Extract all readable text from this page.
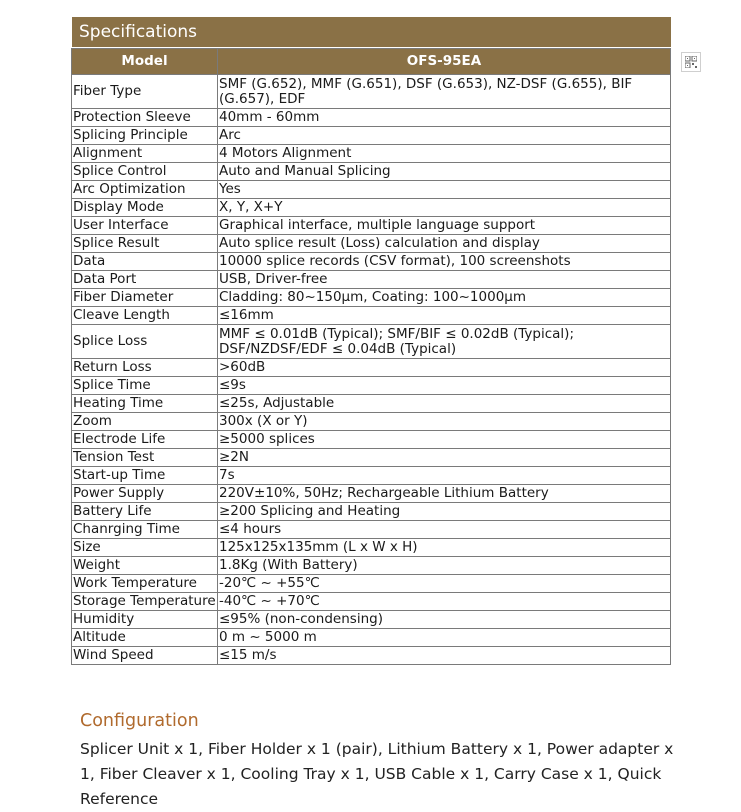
Specifications
Model	OFS-95EA
Fiber Type	SMF (G.652), MMF (G.651), DSF (G.653), NZ-DSF (G.655), BIF (G.657), EDF
Protection Sleeve	40mm - 60mm
Splicing Principle	Arc
Alignment	4 Motors Alignment
Splice Control	Auto and Manual Splicing
Arc Optimization	Yes
Display Mode	X, Y, X+Y
User Interface	Graphical interface, multiple language support
Splice Result	Auto splice result (Loss) calculation and display
Data	10000 splice records (CSV format), 100 screenshots
Data Port	USB, Driver-free
Fiber Diameter	Cladding: 80~150μm, Coating: 100~1000μm
Cleave Length	≤16mm
Splice Loss	MMF ≤ 0.01dB (Typical); SMF/BIF ≤ 0.02dB (Typical); DSF/NZDSF/EDF ≤ 0.04dB (Typical)
Return Loss	>60dB
Splice Time	≤9s
Heating Time	≤25s, Adjustable
Zoom	300x (X or Y)
Electrode Life	≥5000 splices
Tension Test	≥2N
Start-up Time	7s
Power Supply	220V±10%, 50Hz; Rechargeable Lithium Battery
Battery Life	≥200 Splicing and Heating
Chanrging Time	≤4 hours
Size	125x125x135mm (L x W x H)
Weight	1.8Kg (With Battery)
Work Temperature	-20℃ ~ +55℃
Storage Temperature	-40℃ ~ +70℃
Humidity	≤95% (non-condensing)
Altitude	0 m ~ 5000 m
Wind Speed	≤15 m/s
Configuration
Splicer Unit x 1, Fiber Holder x 1 (pair), Lithium Battery x 1, Power adapter x 1, Fiber Cleaver x 1, Cooling Tray x 1, USB Cable x 1, Carry Case x 1, Quick Reference
